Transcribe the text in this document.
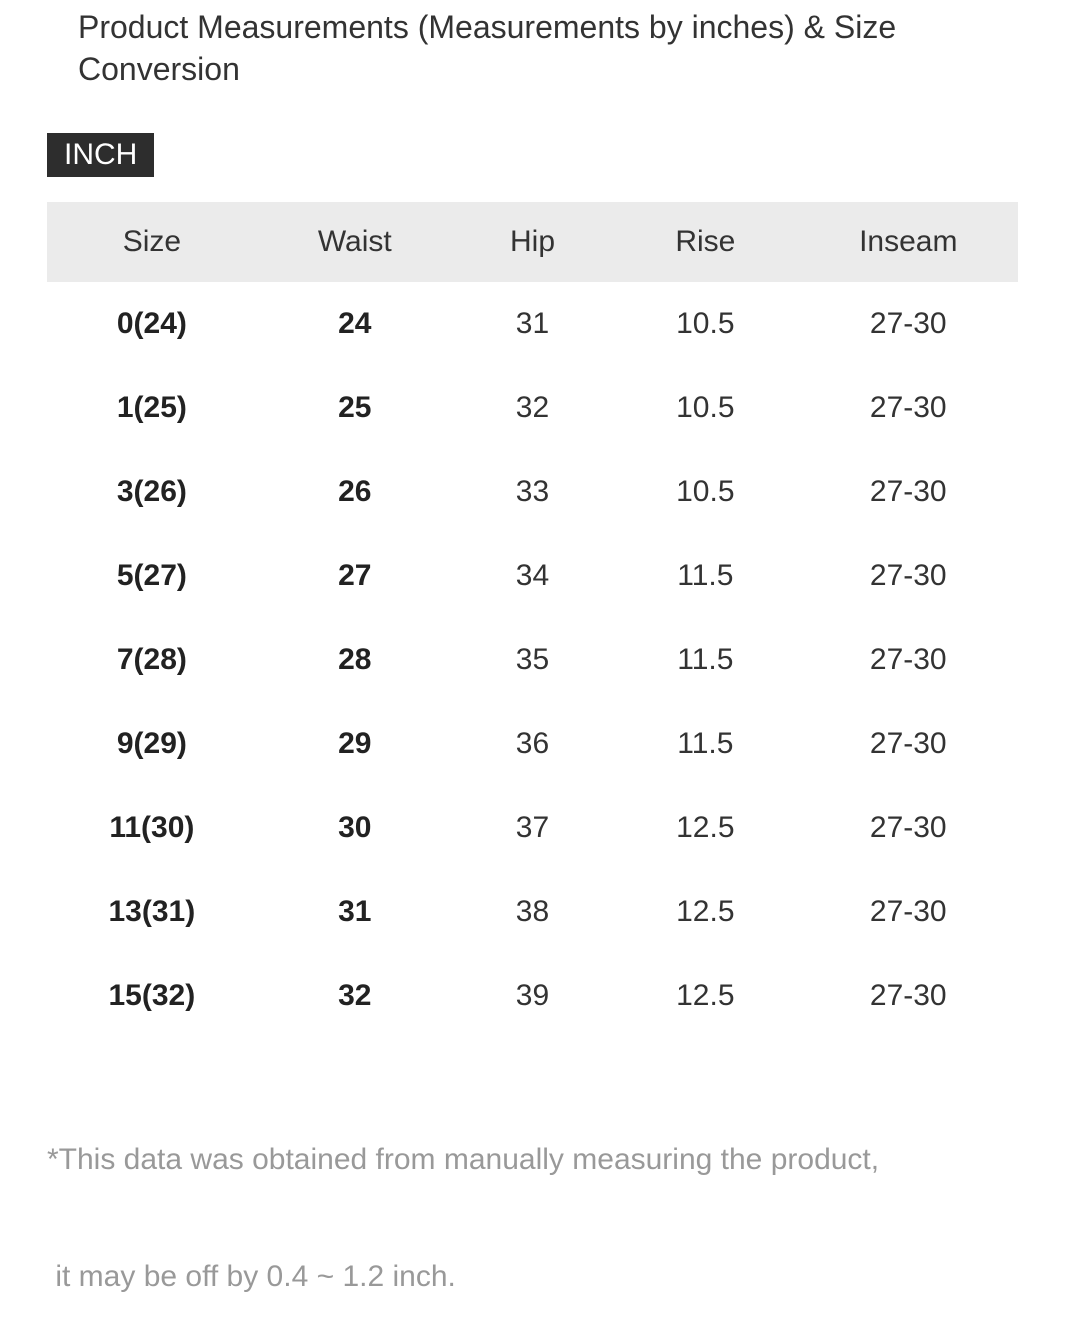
Product Measurements (Measurements by inches) & Size Conversion
INCH
Size	Waist	Hip	Rise	Inseam
0(24)	24	31	10.5	27-30
1(25)	25	32	10.5	27-30
3(26)	26	33	10.5	27-30
5(27)	27	34	11.5	27-30
7(28)	28	35	11.5	27-30
9(29)	29	36	11.5	27-30
11(30)	30	37	12.5	27-30
13(31)	31	38	12.5	27-30
15(32)	32	39	12.5	27-30

*This data was obtained from manually measuring the product,

it may be off by 0.4 ~ 1.2 inch.
